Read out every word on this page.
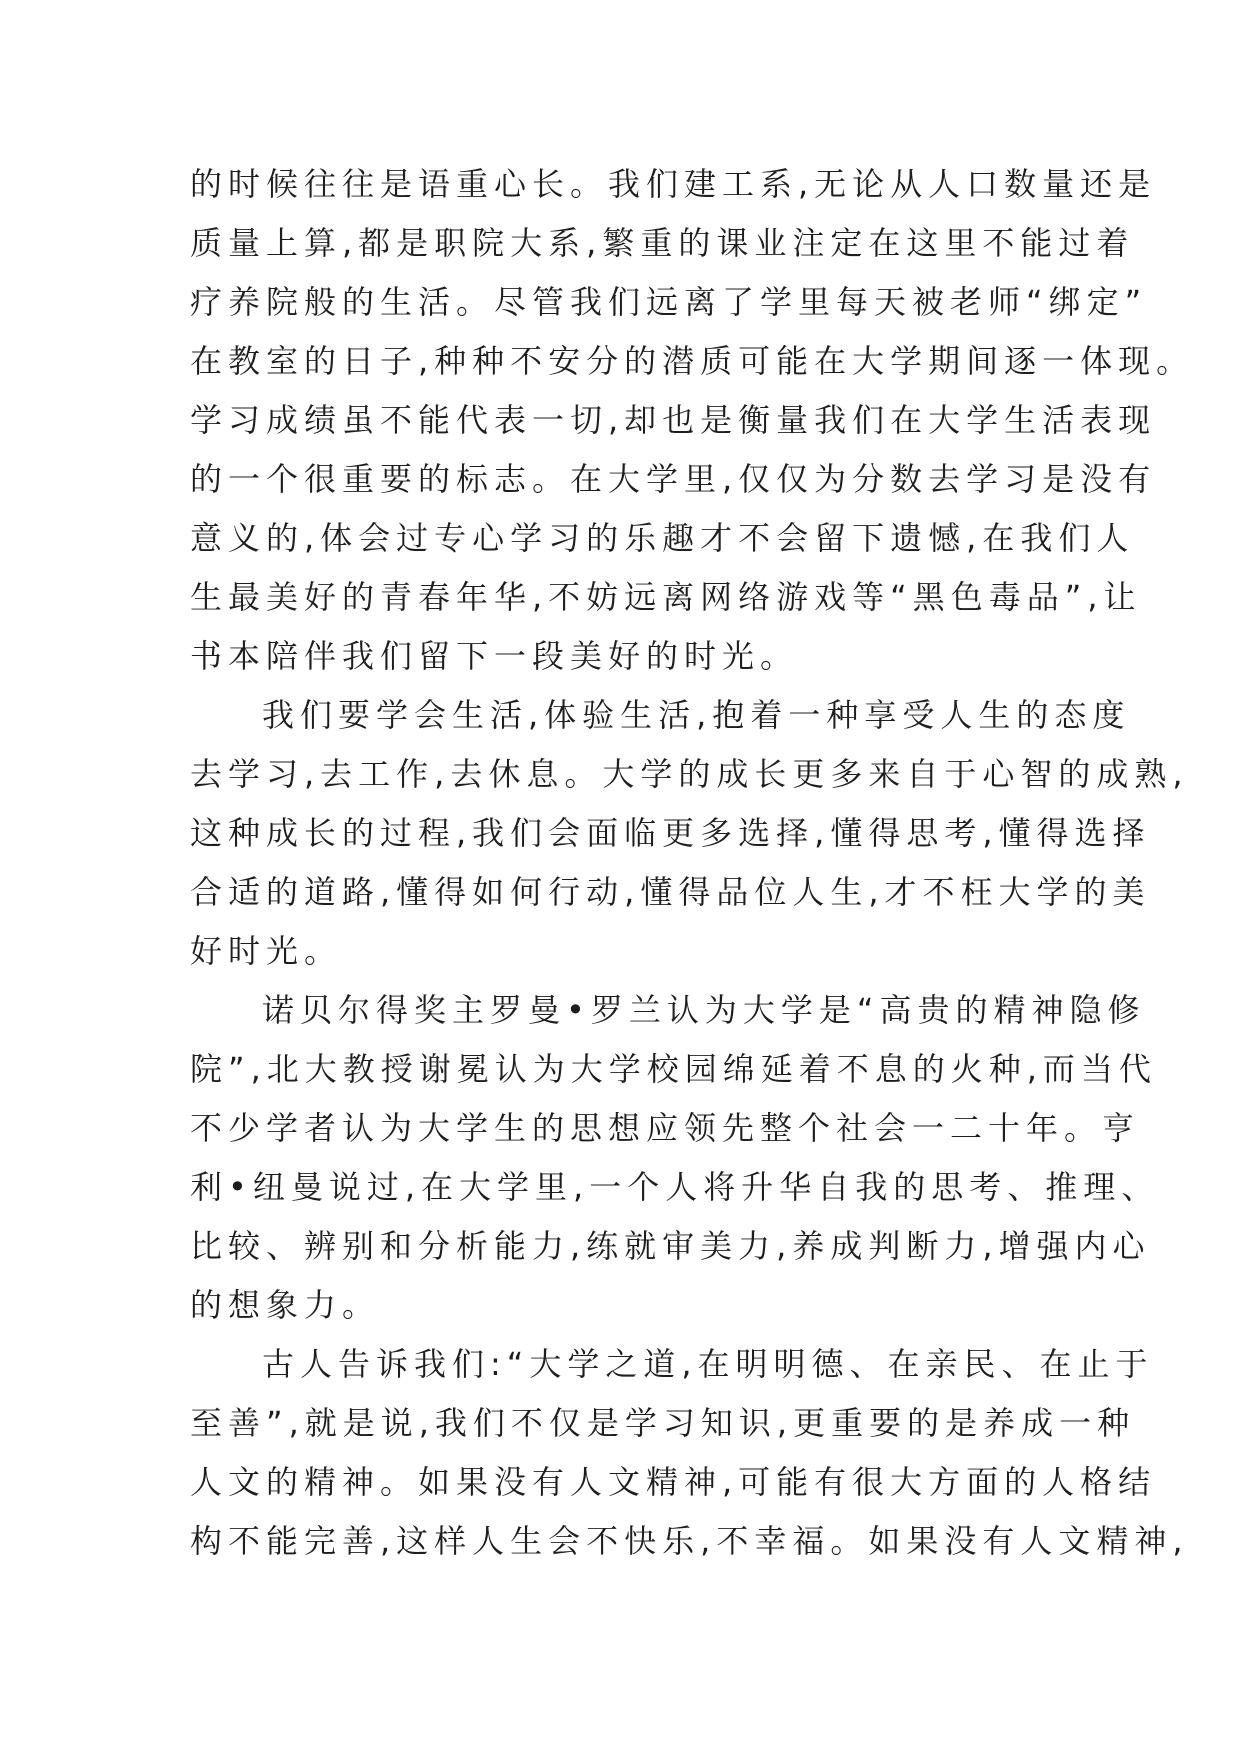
的时候往往是语重心长。我们建工系,无论从人口数量还是
质量上算,都是职院大系,繁重的课业注定在这里不能过着
疗养院般的生活。尽管我们远离了学里每天被老师“绑定”
在教室的日子,种种不安分的潜质可能在大学期间逐一体现。
学习成绩虽不能代表一切,却也是衡量我们在大学生活表现
的一个很重要的标志。在大学里,仅仅为分数去学习是没有
意义的,体会过专心学习的乐趣才不会留下遗憾,在我们人
生最美好的青春年华,不妨远离网络游戏等“黑色毒品”,让
书本陪伴我们留下一段美好的时光。
我们要学会生活,体验生活,抱着一种享受人生的态度
去学习,去工作,去休息。大学的成长更多来自于心智的成熟,
这种成长的过程,我们会面临更多选择,懂得思考,懂得选择
合适的道路,懂得如何行动,懂得品位人生,才不枉大学的美
好时光。
诺贝尔得奖主罗曼•罗兰认为大学是“高贵的精神隐修
院”,北大教授谢冕认为大学校园绵延着不息的火种,而当代
不少学者认为大学生的思想应领先整个社会一二十年。亨
利•纽曼说过,在大学里,一个人将升华自我的思考、推理、
比较、辨别和分析能力,练就审美力,养成判断力,增强内心
的想象力。
古人告诉我们:“大学之道,在明明德、在亲民、在止于
至善”,就是说,我们不仅是学习知识,更重要的是养成一种
人文的精神。如果没有人文精神,可能有很大方面的人格结
构不能完善,这样人生会不快乐,不幸福。如果没有人文精神,
